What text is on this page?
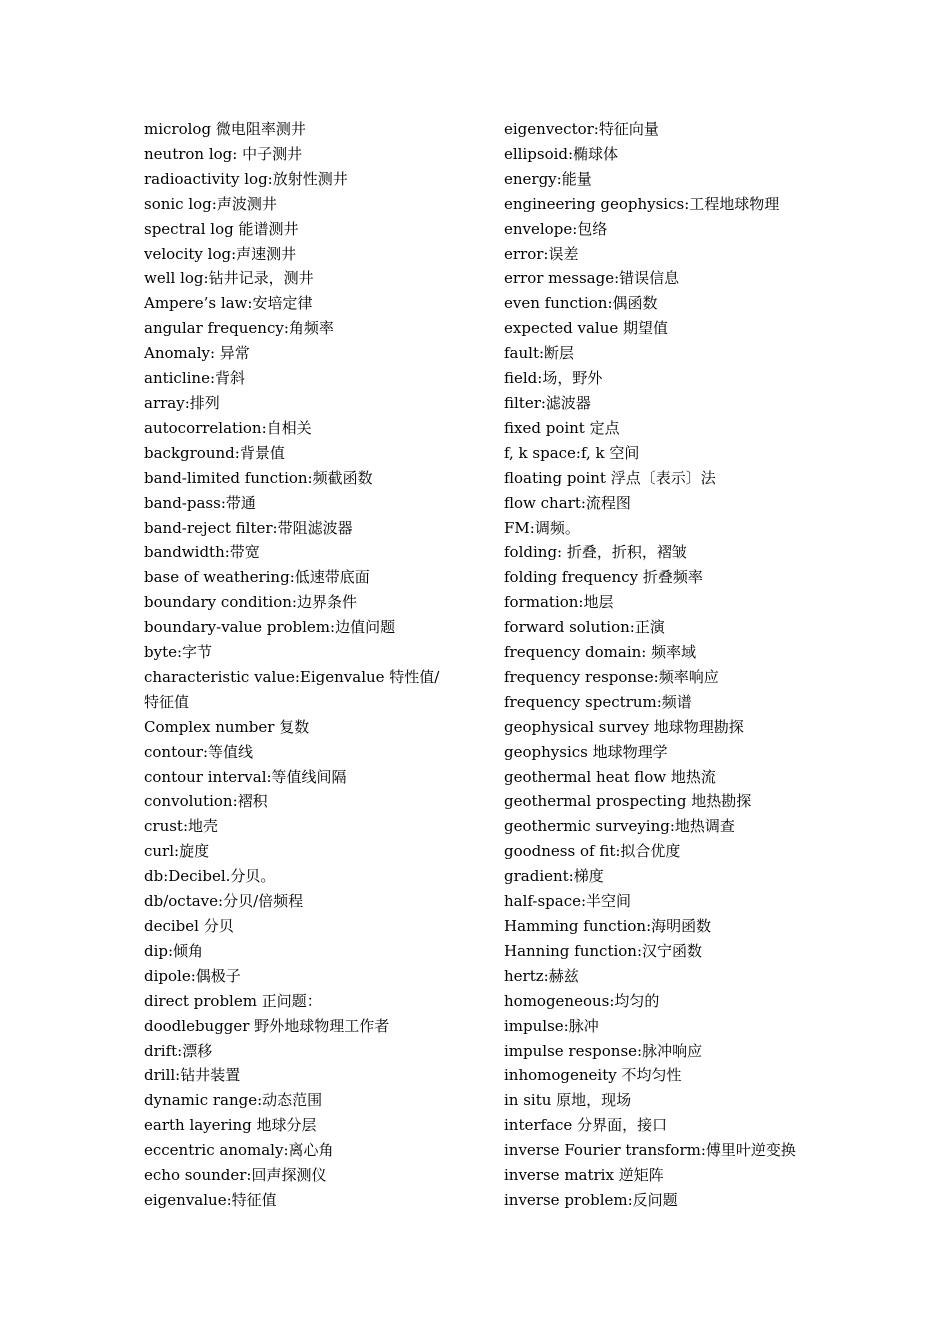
microlog 微电阻率测井
neutron log: 中子测井
radioactivity log:放射性测井
sonic log:声波测井
spectral log 能谱测井
velocity log:声速测井
well log:钻井记录，测井
Ampere’s law:安培定律
angular frequency:角频率
Anomaly: 异常
anticline:背斜
array:排列
autocorrelation:自相关
background:背景值
band-limited function:频截函数
band-pass:带通
band-reject filter:带阻滤波器
bandwidth:带宽
base of weathering:低速带底面
boundary condition:边界条件
boundary-value problem:边值问题
byte:字节
characteristic value:Eigenvalue 特性值/特征值
Complex number 复数
contour:等值线
contour interval:等值线间隔
convolution:褶积
crust:地壳
curl:旋度
db:Decibel.分贝。
db/octave:分贝/倍频程
decibel 分贝
dip:倾角
dipole:偶极子
direct problem 正问题：
doodlebugger 野外地球物理工作者
drift:漂移
drill:钻井装置
dynamic range:动态范围
earth layering 地球分层
eccentric anomaly:离心角
echo sounder:回声探测仪
eigenvalue:特征值
eigenvector:特征向量
ellipsoid:椭球体
energy:能量
engineering geophysics:工程地球物理
envelope:包络
error:误差
error message:错误信息
even function:偶函数
expected value 期望值
fault:断层
field:场，野外
filter:滤波器
fixed point 定点
f, k space:f, k 空间
floating point 浮点〔表示〕法
flow chart:流程图
FM:调频。
folding: 折叠，折积，褶皱
folding frequency 折叠频率
formation:地层
forward solution:正演
frequency domain: 频率域
frequency response:频率响应
frequency spectrum:频谱
geophysical survey 地球物理勘探
geophysics 地球物理学
geothermal heat flow 地热流
geothermal prospecting 地热勘探
geothermic surveying:地热调查
goodness of fit:拟合优度
gradient:梯度
half-space:半空间
Hamming function:海明函数
Hanning function:汉宁函数
hertz:赫兹
homogeneous:均匀的
impulse:脉冲
impulse response:脉冲响应
inhomogeneity 不均匀性
in situ 原地，现场
interface 分界面，接口
inverse Fourier transform:傅里叶逆变换
inverse matrix 逆矩阵
inverse problem:反问题
